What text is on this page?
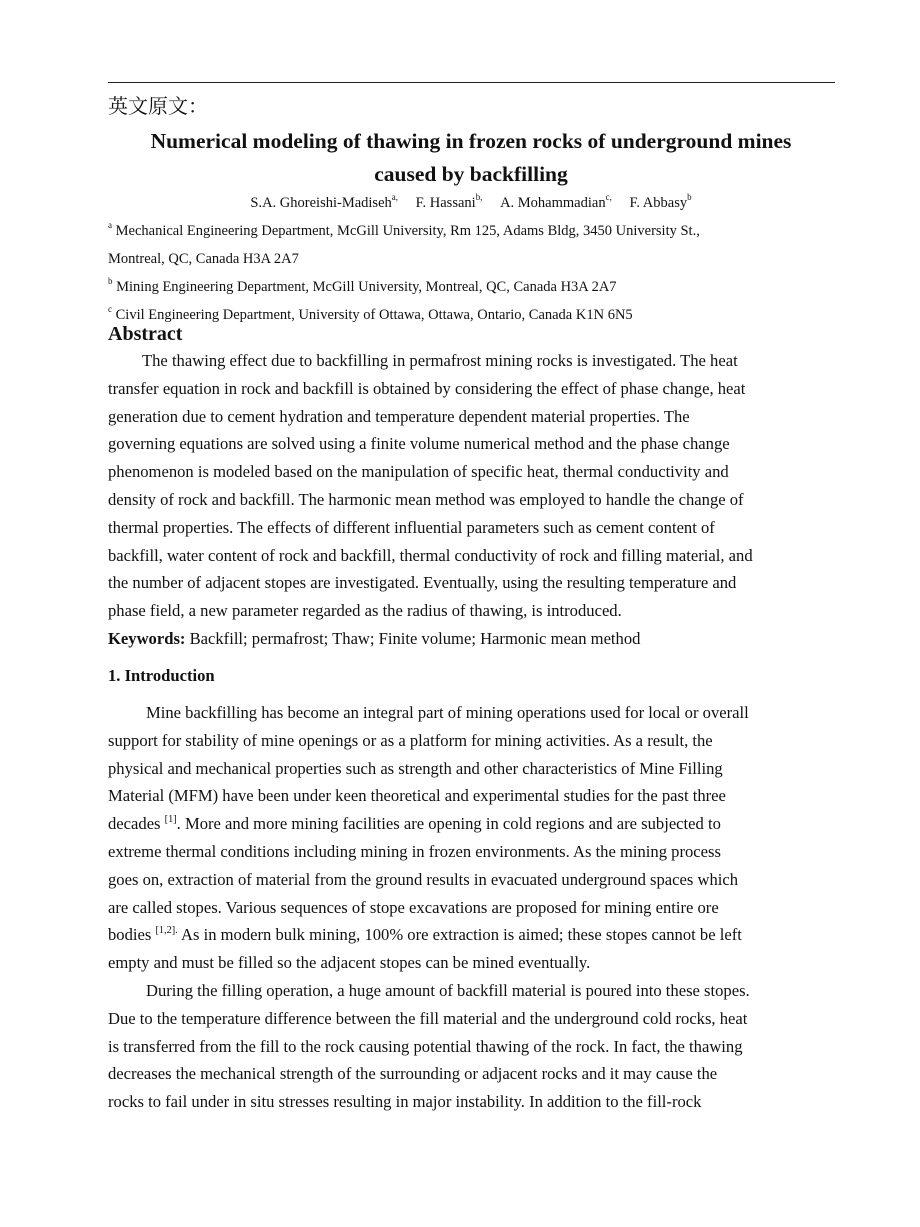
英文原文：
Numerical modeling of thawing in frozen rocks of underground mines
caused by backfilling
S.A. Ghoreishi-Madiseh$^{a,}$ F. Hassani$^{b,}$ A. Mohammadian$^{c,}$ F. Abbasy$^b$
$^a$ Mechanical Engineering Department, McGill University, Rm 125, Adams Bldg, 3450 University St.,
Montreal, QC, Canada H3A 2A7
$^b$ Mining Engineering Department, McGill University, Montreal, QC, Canada H3A 2A7
$^c$ Civil Engineering Department, University of Ottawa, Ottawa, Ontario, Canada K1N 6N5
Abstract
The thawing effect due to backfilling in permafrost mining rocks is investigated. The heat
transfer equation in rock and backfill is obtained by considering the effect of phase change, heat
generation due to cement hydration and temperature dependent material properties. The
governing equations are solved using a finite volume numerical method and the phase change
phenomenon is modeled based on the manipulation of specific heat, thermal conductivity and
density of rock and backfill. The harmonic mean method was employed to handle the change of
thermal properties. The effects of different influential parameters such as cement content of
backfill, water content of rock and backfill, thermal conductivity of rock and filling material, and
the number of adjacent stopes are investigated. Eventually, using the resulting temperature and
phase field, a new parameter regarded as the radius of thawing, is introduced.
Keywords: Backfill; permafrost; Thaw; Finite volume; Harmonic mean method
1. Introduction
Mine backfilling has become an integral part of mining operations used for local or overall
support for stability of mine openings or as a platform for mining activities. As a result, the
physical and mechanical properties such as strength and other characteristics of Mine Filling
Material (MFM) have been under keen theoretical and experimental studies for the past three
decades [1]. More and more mining facilities are opening in cold regions and are subjected to
extreme thermal conditions including mining in frozen environments. As the mining process
goes on, extraction of material from the ground results in evacuated underground spaces which
are called stopes. Various sequences of stope excavations are proposed for mining entire ore
bodies $^{[1,2].}$ As in modern bulk mining, 100% ore extraction is aimed; these stopes cannot be left
empty and must be filled so the adjacent stopes can be mined eventually.
During the filling operation, a huge amount of backfill material is poured into these stopes.
Due to the temperature difference between the fill material and the underground cold rocks, heat
is transferred from the fill to the rock causing potential thawing of the rock. In fact, the thawing
decreases the mechanical strength of the surrounding or adjacent rocks and it may cause the
rocks to fail under in situ stresses resulting in major instability. In addition to the fill-rock
